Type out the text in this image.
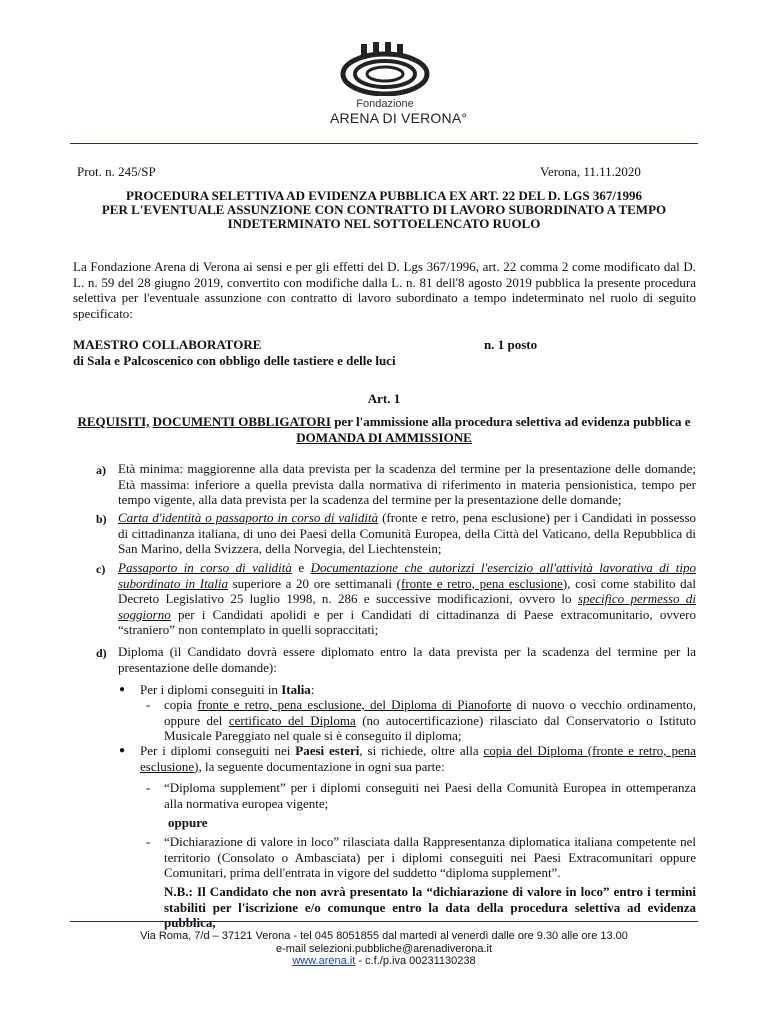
Fondazione
ARENA DI VERONA°
Prot. n. 245/SP	Verona, 11.11.2020
PROCEDURA SELETTIVA AD EVIDENZA PUBBLICA EX ART. 22 DEL D. LGS 367/1996
PER L'EVENTUALE ASSUNZIONE CON CONTRATTO DI LAVORO SUBORDINATO A TEMPO
INDETERMINATO NEL SOTTOELENCATO RUOLO
La Fondazione Arena di Verona ai sensi e per gli effetti del D. Lgs 367/1996, art. 22 comma 2 come modificato dal D. L. n. 59 del 28 giugno 2019, convertito con modifiche dalla L. n. 81 dell'8 agosto 2019 pubblica la presente procedura selettiva per l'eventuale assunzione con contratto di lavoro subordinato a tempo indeterminato nel ruolo di seguito specificato:
MAESTRO COLLABORATORE	n. 1 posto
di Sala e Palcoscenico con obbligo delle tastiere e delle luci
Art. 1
REQUISITI, DOCUMENTI OBBLIGATORI per l'ammissione alla procedura selettiva ad evidenza pubblica e
DOMANDA DI AMMISSIONE
a) Età minima: maggiorenne alla data prevista per la scadenza del termine per la presentazione delle domande; Età massima: inferiore a quella prevista dalla normativa di riferimento in materia pensionistica, tempo per tempo vigente, alla data prevista per la scadenza del termine per la presentazione delle domande;
b) Carta d'identità o passaporto in corso di validità (fronte e retro, pena esclusione) per i Candidati in possesso di cittadinanza italiana, di uno dei Paesi della Comunità Europea, della Città del Vaticano, della Repubblica di San Marino, della Svizzera, della Norvegia, del Liechtenstein;
c) Passaporto in corso di validità e Documentazione che autorizzi l'esercizio all'attività lavorativa di tipo subordinato in Italia superiore a 20 ore settimanali (fronte e retro, pena esclusione), così come stabilito dal Decreto Legislativo 25 luglio 1998, n. 286 e successive modificazioni, ovvero lo specifico permesso di soggiorno per i Candidati apolidi e per i Candidati di cittadinanza di Paese extracomunitario, ovvero “straniero” non contemplato in quelli sopraccitati;
d) Diploma (il Candidato dovrà essere diplomato entro la data prevista per la scadenza del termine per la presentazione delle domande):
● Per i diplomi conseguiti in Italia:
- copia fronte e retro, pena esclusione, del Diploma di Pianoforte di nuovo o vecchio ordinamento, oppure del certificato del Diploma (no autocertificazione) rilasciato dal Conservatorio o Istituto Musicale Pareggiato nel quale si è conseguito il diploma;
● Per i diplomi conseguiti nei Paesi esteri, si richiede, oltre alla copia del Diploma (fronte e retro, pena esclusione), la seguente documentazione in ogni sua parte:
- “Diploma supplement” per i diplomi conseguiti nei Paesi della Comunità Europea in ottemperanza alla normativa europea vigente;
oppure
- “Dichiarazione di valore in loco” rilasciata dalla Rappresentanza diplomatica italiana competente nel territorio (Consolato o Ambasciata) per i diplomi conseguiti nei Paesi Extracomunitari oppure Comunitari, prima dell'entrata in vigore del suddetto “diploma supplement”.
N.B.: Il Candidato che non avrà presentato la “dichiarazione di valore in loco” entro i termini stabiliti per l'iscrizione e/o comunque entro la data della procedura selettiva ad evidenza pubblica,
Via Roma, 7/d – 37121 Verona - tel 045 8051855 dal martedì al venerdì dalle ore 9.30 alle ore 13.00
e-mail selezioni.pubbliche@arenadiverona.it
www.arena.it - c.f./p.iva 00231130238
